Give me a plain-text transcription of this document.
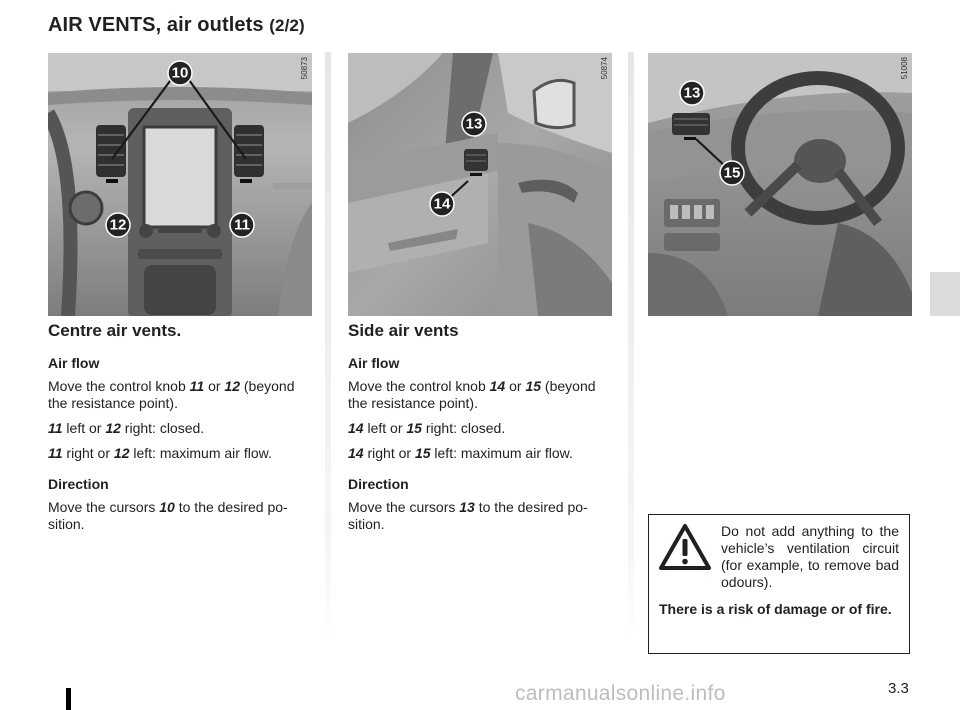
AIR VENTS, air outlets (2/2)
10
12	11
50873
13
14
50874
13
15
51008
Centre air vents.
Air flow

Move the control knob 11 or 12 (beyond the resistance point).

11 left or 12 right: closed.

11 right or 12 left: maximum air flow.

Direction

Move the cursors 10 to the desired po-sition.

Side air vents
Air flow

Move the control knob 14 or 15 (beyond the resistance point).

14 left or 15 right: closed.

14 right or 15 left: maximum air flow.

Direction

Move the cursors 13 to the desired po-sition.	Do not add anything to the vehicle’s ventilation circuit (for example, to remove bad odours).
There is a risk of damage or of fire.
3.3
carmanualsonline.info
